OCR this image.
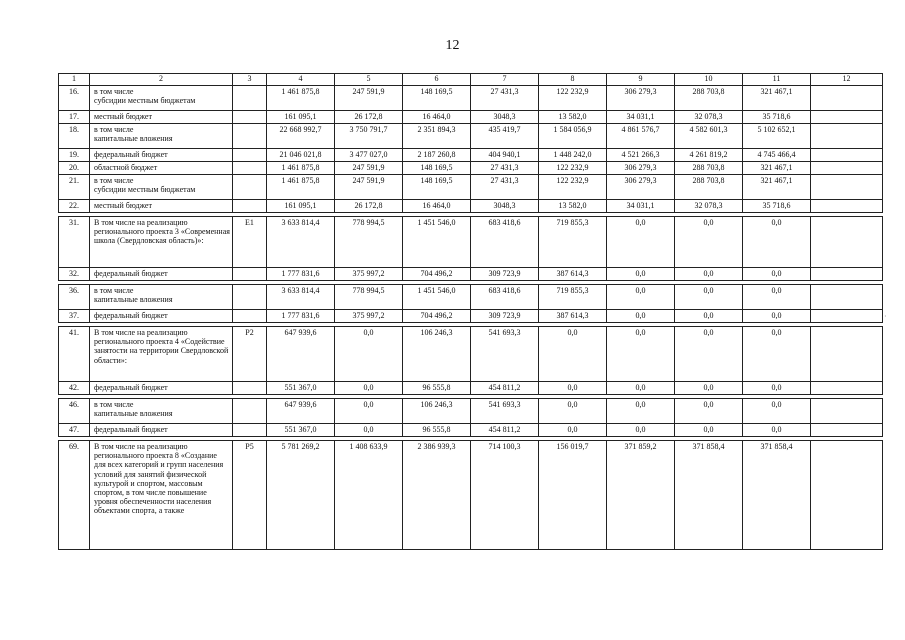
12
1	2	3	4	5	6	7	8	9	10	11	12
16.	в том числе
субсидии местным бюджетам		1 461 875,8	247 591,9	148 169,5	27 431,3	122 232,9	306 279,3	288 703,8	321 467,1	
17.	местный бюджет		161 095,1	26 172,8	16 464,0	3048,3	13 582,0	34 031,1	32 078,3	35 718,6	
18.	в том числе
капитальные вложения		22 668 992,7	3 750 791,7	2 351 894,3	435 419,7	1 584 056,9	4 861 576,7	4 582 601,3	5 102 652,1	
19.	федеральный бюджет		21 046 021,8	3 477 027,0	2 187 260,8	404 940,1	1 448 242,0	4 521 266,3	4 261 819,2	4 745 466,4	
20.	областной бюджет		1 461 875,8	247 591,9	148 169,5	27 431,3	122 232,9	306 279,3	288 703,8	321 467,1	
21.	в том числе
субсидии местным бюджетам		1 461 875,8	247 591,9	148 169,5	27 431,3	122 232,9	306 279,3	288 703,8	321 467,1	
22.	местный бюджет		161 095,1	26 172,8	16 464,0	3048,3	13 582,0	34 031,1	32 078,3	35 718,6	

31.	В том числе на реализацию регионального проекта 3 «Современная школа (Свердловская область)»:	E1	3 633 814,4	778 994,5	1 451 546,0	683 418,6	719 855,3	0,0	0,0	0,0	
32.	федеральный бюджет		1 777 831,6	375 997,2	704 496,2	309 723,9	387 614,3	0,0	0,0	0,0	

36.	в том числе
капитальные вложения		3 633 814,4	778 994,5	1 451 546,0	683 418,6	719 855,3	0,0	0,0	0,0	
37.	федеральный бюджет		1 777 831,6	375 997,2	704 496,2	309 723,9	387 614,3	0,0	0,0	0,0	

41.	В том числе на реализацию регионального проекта 4 «Содействие занятости на территории Свердловской области»:	P2	647 939,6	0,0	106 246,3	541 693,3	0,0	0,0	0,0	0,0	
42.	федеральный бюджет		551 367,0	0,0	96 555,8	454 811,2	0,0	0,0	0,0	0,0	

46.	в том числе
капитальные вложения		647 939,6	0,0	106 246,3	541 693,3	0,0	0,0	0,0	0,0	
47.	федеральный бюджет		551 367,0	0,0	96 555,8	454 811,2	0,0	0,0	0,0	0,0	

69.	В том числе на реализацию регионального проекта 8 «Создание для всех категорий и групп населения условий для занятий физической культурой и спортом, массовым спортом, в том числе повышение уровня обеспеченности населения объектами спорта, а также	P5	5 781 269,2	1 408 633,9	2 386 939,3	714 100,3	156 019,7	371 859,2	371 858,4	371 858,4	
·
